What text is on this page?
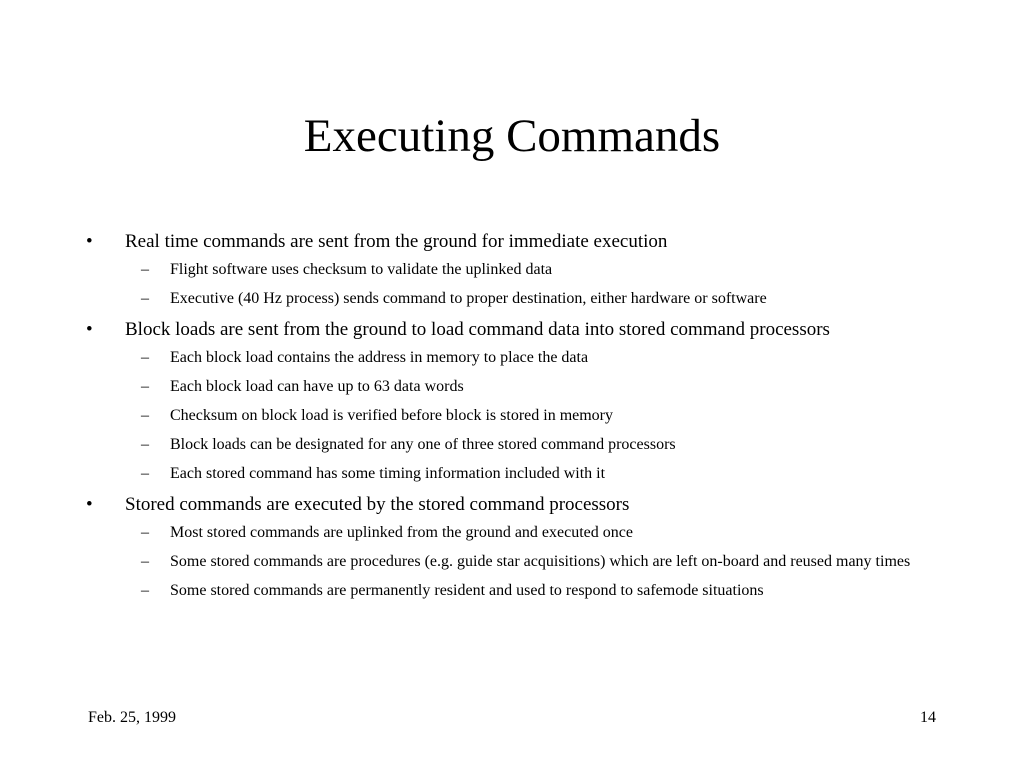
Executing Commands
• Real time commands are sent from the ground for immediate execution
– Flight software uses checksum to validate the uplinked data
– Executive (40 Hz process) sends command to proper destination, either hardware or software
• Block loads are sent from the ground to load command data into stored command processors
– Each block load contains the address in memory to place the data
– Each block load can have up to 63 data words
– Checksum on block load is verified before block is stored in memory
– Block loads can be designated for any one of three stored command processors
– Each stored command has some timing information included with it
• Stored commands are executed by the stored command processors
– Most stored commands are uplinked from the ground and executed once
– Some stored commands are procedures (e.g. guide star acquisitions) which are left on-board and reused many times
– Some stored commands are permanently resident and used to respond to safemode situations
Feb. 25, 1999	14
